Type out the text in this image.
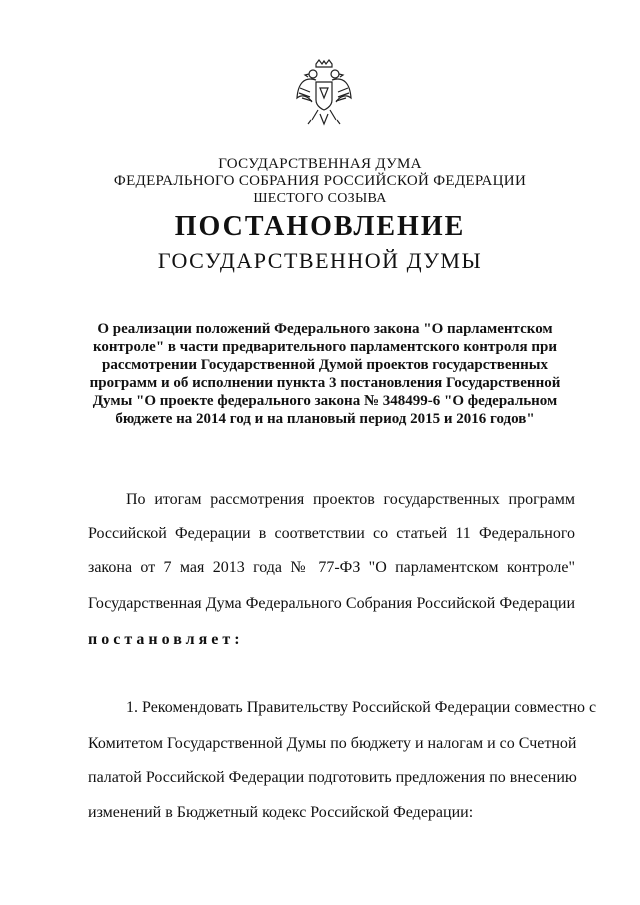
ГОСУДАРСТВЕННАЯ ДУМА
ФЕДЕРАЛЬНОГО СОБРАНИЯ РОССИЙСКОЙ ФЕДЕРАЦИИ
ШЕСТОГО СОЗЫВА
ПОСТАНОВЛЕНИЕ
ГОСУДАРСТВЕННОЙ ДУМЫ
О реализации положений Федерального закона "О парламентском
контроле" в части предварительного парламентского контроля при
рассмотрении Государственной Думой проектов государственных
программ и об исполнении пункта 3 постановления Государственной
Думы "О проекте федерального закона № 348499-6 "О федеральном
бюджете на 2014 год и на плановый период 2015 и 2016 годов"
По итогам рассмотрения проектов государственных программ
Российской Федерации в соответствии со статьей 11 Федерального
закона от 7 мая 2013 года № 77-ФЗ "О парламентском контроле"
Государственная Дума Федерального Собрания Российской Федерации
постановляет:
1. Рекомендовать Правительству Российской Федерации совместно с
Комитетом Государственной Думы по бюджету и налогам и со Счетной
палатой Российской Федерации подготовить предложения по внесению
изменений в Бюджетный кодекс Российской Федерации:
